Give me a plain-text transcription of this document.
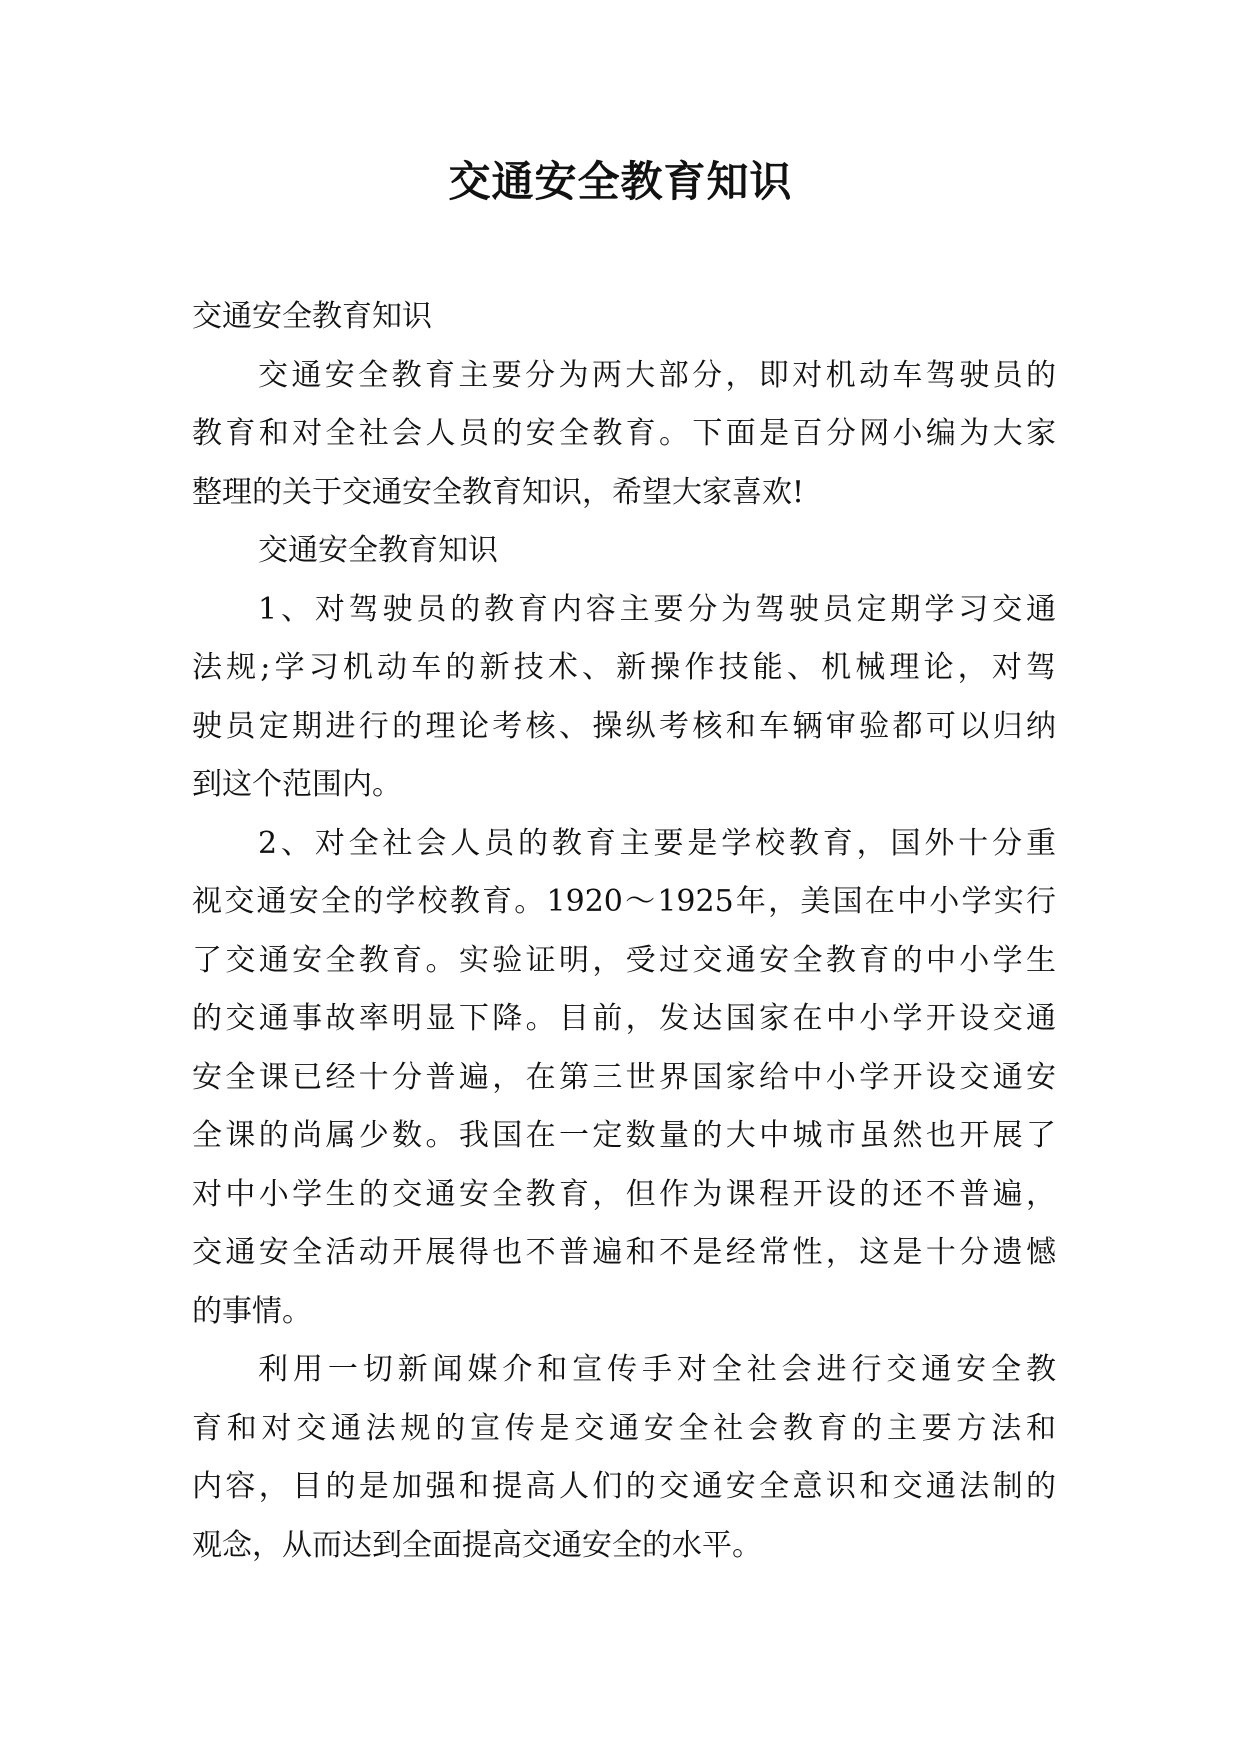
交通安全教育知识
交通安全教育知识
交通安全教育主要分为两大部分，即对机动车驾驶员的
教育和对全社会人员的安全教育。下面是百分网小编为大家
整理的关于交通安全教育知识，希望大家喜欢!
交通安全教育知识
1、对驾驶员的教育内容主要分为驾驶员定期学习交通
法规;学习机动车的新技术、新操作技能、机械理论，对驾
驶员定期进行的理论考核、操纵考核和车辆审验都可以归纳
到这个范围内。
2、对全社会人员的教育主要是学校教育，国外十分重
视交通安全的学校教育。1920～1925年，美国在中小学实行
了交通安全教育。实验证明，受过交通安全教育的中小学生
的交通事故率明显下降。目前，发达国家在中小学开设交通
安全课已经十分普遍，在第三世界国家给中小学开设交通安
全课的尚属少数。我国在一定数量的大中城市虽然也开展了
对中小学生的交通安全教育，但作为课程开设的还不普遍，
交通安全活动开展得也不普遍和不是经常性，这是十分遗憾
的事情。
利用一切新闻媒介和宣传手对全社会进行交通安全教
育和对交通法规的宣传是交通安全社会教育的主要方法和
内容，目的是加强和提高人们的交通安全意识和交通法制的
观念，从而达到全面提高交通安全的水平。
